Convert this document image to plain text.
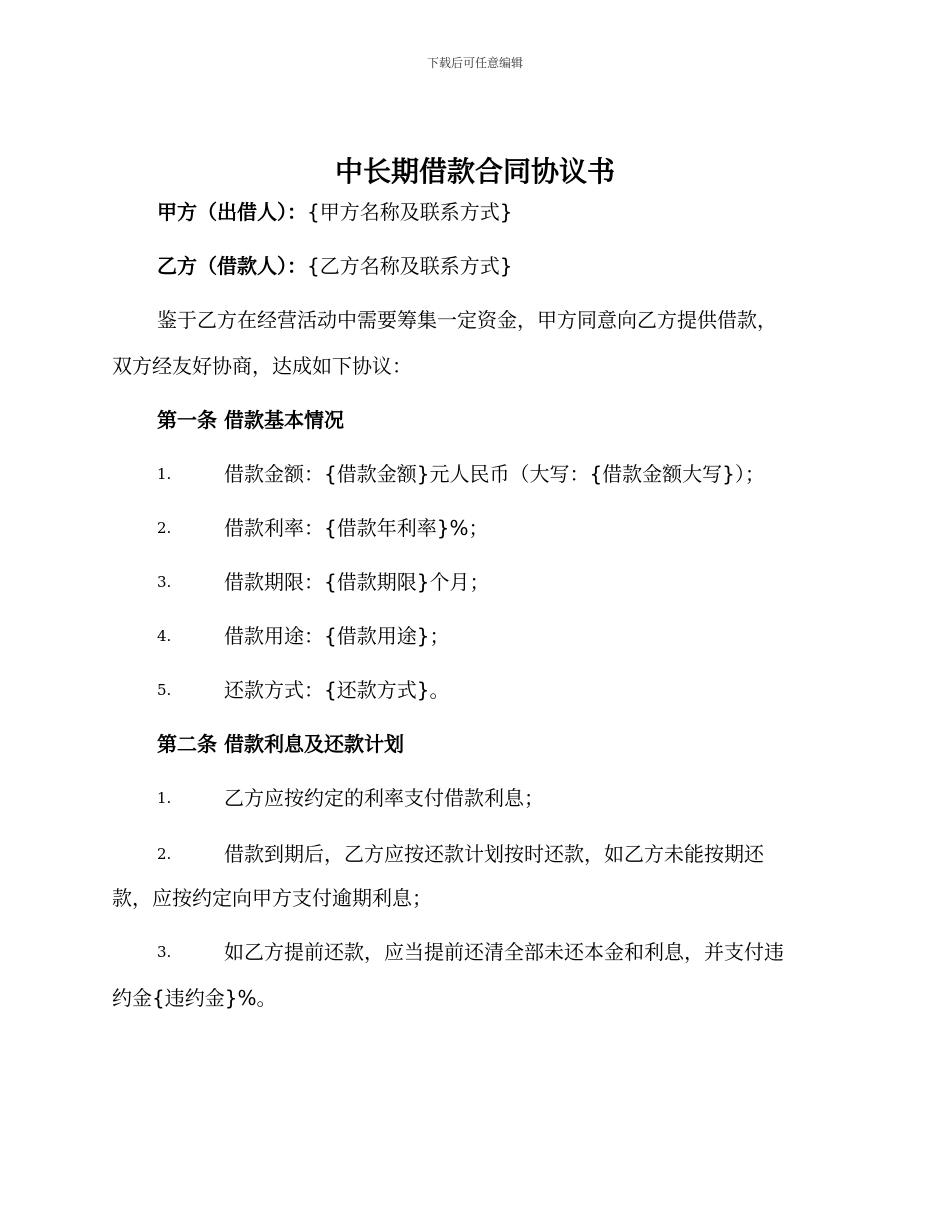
下载后可任意编辑
中长期借款合同协议书
甲方（出借人）：{甲方名称及联系方式}
乙方（借款人）：{乙方名称及联系方式}
鉴于乙方在经营活动中需要筹集一定资金，甲方同意向乙方提供借款，
双方经友好协商，达成如下协议：
第一条 借款基本情况
1.	借款金额：{借款金额}元人民币（大写：{借款金额大写}）；
2.	借款利率：{借款年利率}%；
3.	借款期限：{借款期限}个月；
4.	借款用途：{借款用途}；
5.	还款方式：{还款方式}。
第二条 借款利息及还款计划
1.	乙方应按约定的利率支付借款利息；
2.	借款到期后，乙方应按还款计划按时还款，如乙方未能按期还
款，应按约定向甲方支付逾期利息；
3.	如乙方提前还款，应当提前还清全部未还本金和利息，并支付违
约金{违约金}%。
